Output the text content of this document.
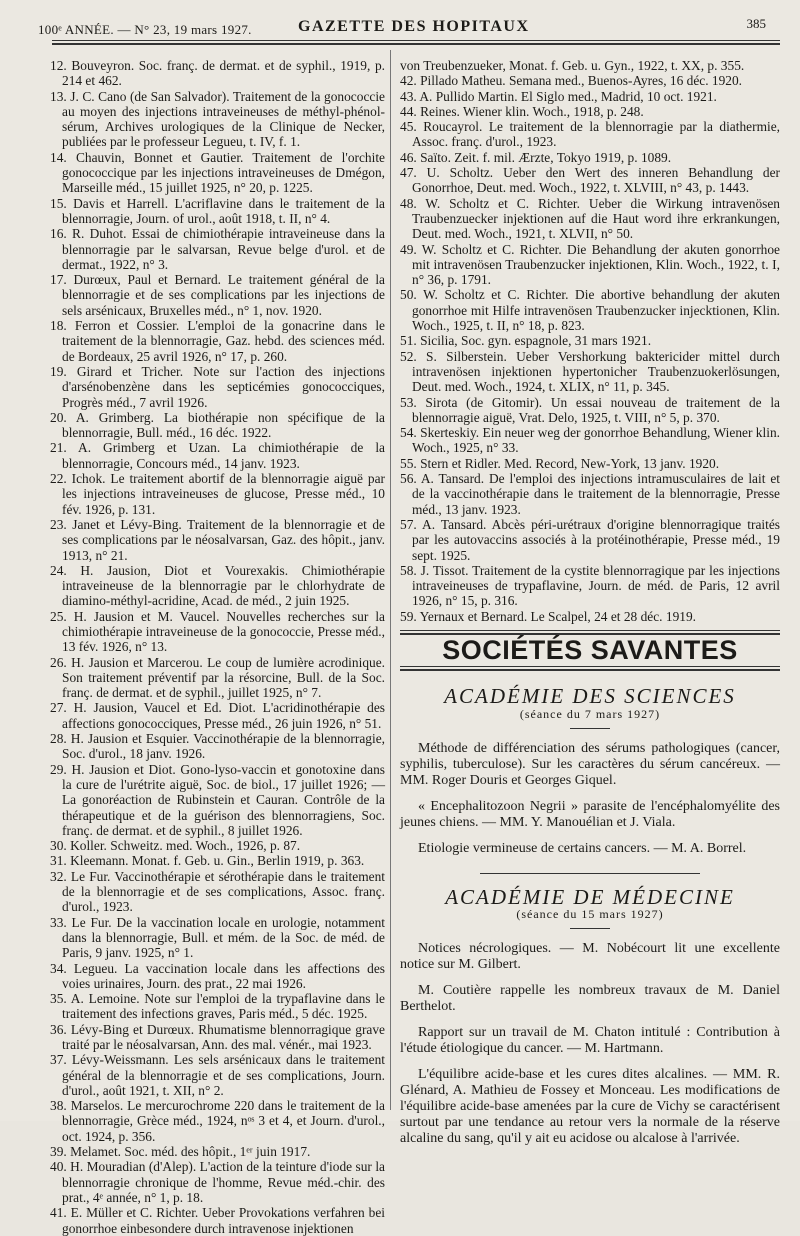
100ᵉ ANNÉE. — N° 23, 19 mars 1927.	GAZETTE DES HOPITAUX	385

12. Bouveyron. Soc. franç. de dermat. et de syphil., 1919, p. 214 et 462.

13. J. C. Cano (de San Salvador). Traitement de la gonococcie au moyen des injections intraveineuses de méthyl-phénol-sérum, Archives urologiques de la Clinique de Necker, publiées par le professeur Legueu, t. IV, f. 1.

14. Chauvin, Bonnet et Gautier. Traitement de l'orchite gonococcique par les injections intraveineuses de Dmégon, Marseille méd., 15 juillet 1925, n° 20, p. 1225.

15. Davis et Harrell. L'acriflavine dans le traitement de la blennorragie, Journ. of urol., août 1918, t. II, n° 4.

16. R. Duhot. Essai de chimiothérapie intraveineuse dans la blennorragie par le salvarsan, Revue belge d'urol. et de dermat., 1922, n° 3.

17. Durœux, Paul et Bernard. Le traitement général de la blennorragie et de ses complications par les injections de sels arsénicaux, Bruxelles méd., n° 1, nov. 1920.

18. Ferron et Cossier. L'emploi de la gonacrine dans le traitement de la blennorragie, Gaz. hebd. des sciences méd. de Bordeaux, 25 avril 1926, n° 17, p. 260.

19. Girard et Tricher. Note sur l'action des injections d'arsénobenzène dans les septicémies gonococciques, Progrès méd., 7 avril 1926.

20. A. Grimberg. La biothérapie non spécifique de la blennorragie, Bull. méd., 16 déc. 1922.

21. A. Grimberg et Uzan. La chimiothérapie de la blennorragie, Concours méd., 14 janv. 1923.

22. Ichok. Le traitement abortif de la blennorragie aiguë par les injections intraveineuses de glucose, Presse méd., 10 fév. 1926, p. 131.

23. Janet et Lévy-Bing. Traitement de la blennorragie et de ses complications par le néosalvarsan, Gaz. des hôpit., janv. 1913, n° 21.

24. H. Jausion, Diot et Vourexakis. Chimiothérapie intraveineuse de la blennorragie par le chlorhydrate de diamino-méthyl-acridine, Acad. de méd., 2 juin 1925.

25. H. Jausion et M. Vaucel. Nouvelles recherches sur la chimiothérapie intraveineuse de la gonococcie, Presse méd., 13 fév. 1926, n° 13.

26. H. Jausion et Marcerou. Le coup de lumière acrodinique. Son traitement préventif par la résorcine, Bull. de la Soc. franç. de dermat. et de syphil., juillet 1925, n° 7.

27. H. Jausion, Vaucel et Ed. Diot. L'acridinothérapie des affections gonococciques, Presse méd., 26 juin 1926, n° 51.

28. H. Jausion et Esquier. Vaccinothérapie de la blennorragie, Soc. d'urol., 18 janv. 1926.

29. H. Jausion et Diot. Gono-lyso-vaccin et gonotoxine dans la cure de l'urétrite aiguë, Soc. de biol., 17 juillet 1926; — La gonoréaction de Rubinstein et Cauran. Contrôle de la thérapeutique et de la guérison des blennorragiens, Soc. franç. de dermat. et de syphil., 8 juillet 1926.

30. Koller. Schweitz. med. Woch., 1926, p. 87.

31. Kleemann. Monat. f. Geb. u. Gin., Berlin 1919, p. 363.

32. Le Fur. Vaccinothérapie et sérothérapie dans le traitement de la blennorragie et de ses complications, Assoc. franç. d'urol., 1923.

33. Le Fur. De la vaccination locale en urologie, notamment dans la blennorragie, Bull. et mém. de la Soc. de méd. de Paris, 9 janv. 1925, n° 1.

34. Legueu. La vaccination locale dans les affections des voies urinaires, Journ. des prat., 22 mai 1926.

35. A. Lemoine. Note sur l'emploi de la trypaflavine dans le traitement des infections graves, Paris méd., 5 déc. 1925.

36. Lévy-Bing et Durœux. Rhumatisme blennorragique grave traité par le néosalvarsan, Ann. des mal. vénér., mai 1923.

37. Lévy-Weissmann. Les sels arsénicaux dans le traitement général de la blennorragie et de ses complications, Journ. d'urol., août 1921, t. XII, n° 2.

38. Marselos. Le mercurochrome 220 dans le traitement de la blennorragie, Grèce méd., 1924, nᵒˢ 3 et 4, et Journ. d'urol., oct. 1924, p. 356.

39. Melamet. Soc. méd. des hôpit., 1ᵉʳ juin 1917.

40. H. Mouradian (d'Alep). L'action de la teinture d'iode sur la blennorragie chronique de l'homme, Revue méd.-chir. des prat., 4ᵉ année, n° 1, p. 18.

41. E. Müller et C. Richter. Ueber Provokations verfahren bei gonorrhoe einbesondere durch intravenose injektionen

von Treubenzueker, Monat. f. Geb. u. Gyn., 1922, t. XX, p. 355.

42. Pillado Matheu. Semana med., Buenos-Ayres, 16 déc. 1920.

43. A. Pullido Martin. El Siglo med., Madrid, 10 oct. 1921.

44. Reines. Wiener klin. Woch., 1918, p. 248.

45. Roucayrol. Le traitement de la blennorragie par la diathermie, Assoc. franç. d'urol., 1923.

46. Saïto. Zeit. f. mil. Ærzte, Tokyo 1919, p. 1089.

47. U. Scholtz. Ueber den Wert des inneren Behandlung der Gonorrhoe, Deut. med. Woch., 1922, t. XLVIII, n° 43, p. 1443.

48. W. Scholtz et C. Richter. Ueber die Wirkung intravenösen Traubenzuecker injektionen auf die Haut word ihre erkrankungen, Deut. med. Woch., 1921, t. XLVII, n° 50.

49. W. Scholtz et C. Richter. Die Behandlung der akuten gonorrhoe mit intravenösen Traubenzucker injektionen, Klin. Woch., 1922, t. I, n° 36, p. 1791.

50. W. Scholtz et C. Richter. Die abortive behandlung der akuten gonorrhoe mit Hilfe intravenösen Traubenzucker injecktionen, Klin. Woch., 1925, t. II, n° 18, p. 823.

51. Sicilia, Soc. gyn. espagnole, 31 mars 1921.

52. S. Silberstein. Ueber Vershorkung baktericider mittel durch intravenösen injektionen hypertonicher Traubenzuokerlösungen, Deut. med. Woch., 1924, t. XLIX, n° 11, p. 345.

53. Sirota (de Gitomir). Un essai nouveau de traitement de la blennorragie aiguë, Vrat. Delo, 1925, t. VIII, n° 5, p. 370.

54. Skerteskiy. Ein neuer weg der gonorrhoe Behandlung, Wiener klin. Woch., 1925, n° 33.

55. Stern et Ridler. Med. Record, New-York, 13 janv. 1920.

56. A. Tansard. De l'emploi des injections intramusculaires de lait et de la vaccinothérapie dans le traitement de la blennorragie, Presse méd., 13 janv. 1923.

57. A. Tansard. Abcès péri-urétraux d'origine blennorragique traités par les autovaccins associés à la protéinothérapie, Presse méd., 19 sept. 1925.

58. J. Tissot. Traitement de la cystite blennorragique par les injections intraveineuses de trypaflavine, Journ. de méd. de Paris, 12 avril 1926, n° 15, p. 316.

59. Yernaux et Bernard. Le Scalpel, 24 et 28 déc. 1919.

SOCIÉTÉS SAVANTES
ACADÉMIE DES SCIENCES
(séance du 7 mars 1927)

Méthode de différenciation des sérums pathologiques (cancer, syphilis, tuberculose). Sur les caractères du sérum cancéreux. — MM. Roger Douris et Georges Giquel.

« Encephalitozoon Negrii » parasite de l'encéphalomyélite des jeunes chiens. — MM. Y. Manouélian et J. Viala.

Etiologie vermineuse de certains cancers. — M. A. Borrel.

ACADÉMIE DE MÉDECINE
(séance du 15 mars 1927)

Notices nécrologiques. — M. Nobécourt lit une excellente notice sur M. Gilbert.

M. Coutière rappelle les nombreux travaux de M. Daniel Berthelot.

Rapport sur un travail de M. Chaton intitulé : Contribution à l'étude étiologique du cancer. — M. Hartmann.

L'équilibre acide-base et les cures dites alcalines. — MM. R. Glénard, A. Mathieu de Fossey et Monceau. Les modifications de l'équilibre acide-base amenées par la cure de Vichy se caractérisent surtout par une tendance au retour vers la normale de la réserve alcaline du sang, qu'il y ait eu acidose ou alcalose à l'arrivée.
